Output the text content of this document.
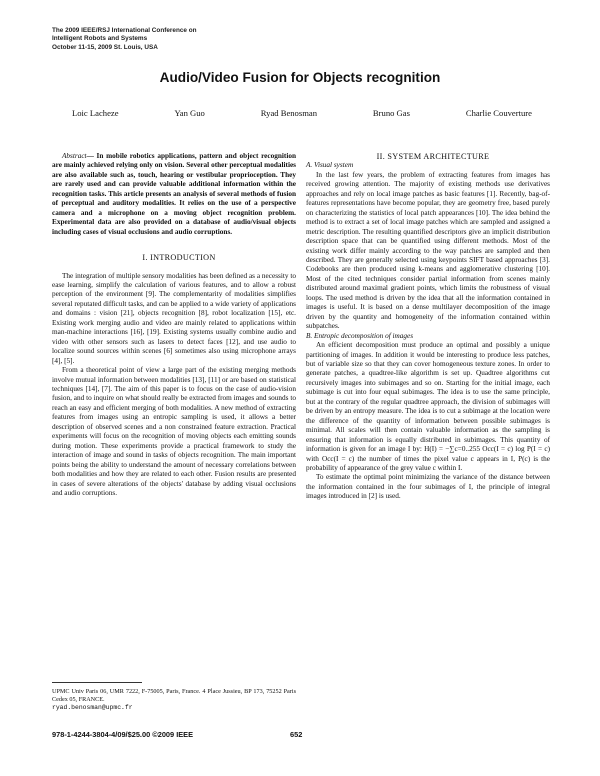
The 2009 IEEE/RSJ International Conference on
Intelligent Robots and Systems
October 11-15, 2009 St. Louis, USA
Audio/Video Fusion for Objects recognition
Loic Lacheze	Yan Guo	Ryad Benosman	Bruno Gas	Charlie Couverture

Abstract— In mobile robotics applications, pattern and object recognition are mainly achieved relying only on vision. Several other perceptual modalities are also available such as, touch, hearing or vestibular proprioception. They are rarely used and can provide valuable additional information within the recognition tasks. This article presents an analysis of several methods of fusion of perceptual and auditory modalities. It relies on the use of a perspective camera and a microphone on a moving object recognition problem. Experimental data are also provided on a database of audio/visual objects including cases of visual occlusions and audio corruptions.

I. INTRODUCTION

The integration of multiple sensory modalities has been defined as a necessity to ease learning, simplify the calculation of various features, and to allow a robust perception of the environment [9]. The complementarity of modalities simplifies several reputated difficult tasks, and can be applied to a wide variety of applications and domains : vision [21], objects recognition [8], robot localization [15], etc. Existing work merging audio and video are mainly related to applications within man-machine interactions [16], [19]. Existing systems usually combine audio and video with other sensors such as lasers to detect faces [12], and use audio to localize sound sources within scenes [6] sometimes also using microphone arrays [4], [5].

From a theoretical point of view a large part of the existing merging methods involve mutual information between modalities [13], [11] or are based on statistical techniques [14], [7]. The aim of this paper is to focus on the case of audio-vision fusion, and to inquire on what should really be extracted from images and sounds to reach an easy and efficient merging of both modalities. A new method of extracting features from images using an entropic sampling is used, it allows a better description of observed scenes and a non constrained feature extraction. Practical experiments will focus on the recognition of moving objects each emitting sounds during motion. These experiments provide a practical framework to study the interaction of image and sound in tasks of objects recognition. The main important points being the ability to understand the amount of necessary correlations between both modalities and how they are related to each other. Fusion results are presented in cases of severe alterations of the objects' database by adding visual occlusions and audio corruptions.

UPMC Univ Paris 06, UMR 7222, F-75005, Paris, France. 4 Place Jussieu, BP 173, 75252 Paris Cedex 05, FRANCE.
ryad.benosman@upmc.fr

II. SYSTEM ARCHITECTURE

A. Visual system

In the last few years, the problem of extracting features from images has received growing attention. The majority of existing methods use derivatives approaches and rely on local image patches as basic features [1]. Recently, bag-of-features representations have become popular, they are geometry free, based purely on characterizing the statistics of local patch appearances [10]. The idea behind the method is to extract a set of local image patches which are sampled and assigned a metric description. The resulting quantified descriptors give an implicit distribution description space that can be quantified using different methods. Most of the existing work differ mainly according to the way patches are sampled and then described. They are generally selected using keypoints SIFT based approaches [3]. Codebooks are then produced using k-means and agglomerative clustering [10]. Most of the cited techniques consider partial information from scenes mainly distributed around maximal gradient points, which limits the robustness of visual loops. The used method is driven by the idea that all the information contained in images is useful. It is based on a dense multilayer decomposition of the image driven by the quantity and homogeneity of the information contained within subpatches.

B. Entropic decomposition of images

An efficient decomposition must produce an optimal and possibly a unique partitioning of images. In addition it would be interesting to produce less patches, but of variable size so that they can cover homogeneous texture zones. In order to generate patches, a quadtree-like algorithm is set up. Quadtree algorithms cut recursively images into subimages and so on. Starting for the initial image, each subimage is cut into four equal subimages. The idea is to use the same principle, but at the contrary of the regular quadtree approach, the division of subimages will be driven by an entropy measure. The idea is to cut a subimage at the location were the difference of the quantity of information between possible subimages is minimal. All scales will then contain valuable information as the sampling is ensuring that information is equally distributed in subimages. This quantity of information is given for an image I by: H(I) = −∑c=0..255 Occ(I = c) log P(I = c) with Occ(I = c) the number of times the pixel value c appears in I, P(c) is the probability of appearance of the grey value c within I.

To estimate the optimal point minimizing the variance of the distance between the information contained in the four subimages of I, the principle of integral images introduced in [2] is used.

978-1-4244-3804-4/09/$25.00 ©2009 IEEE	652
